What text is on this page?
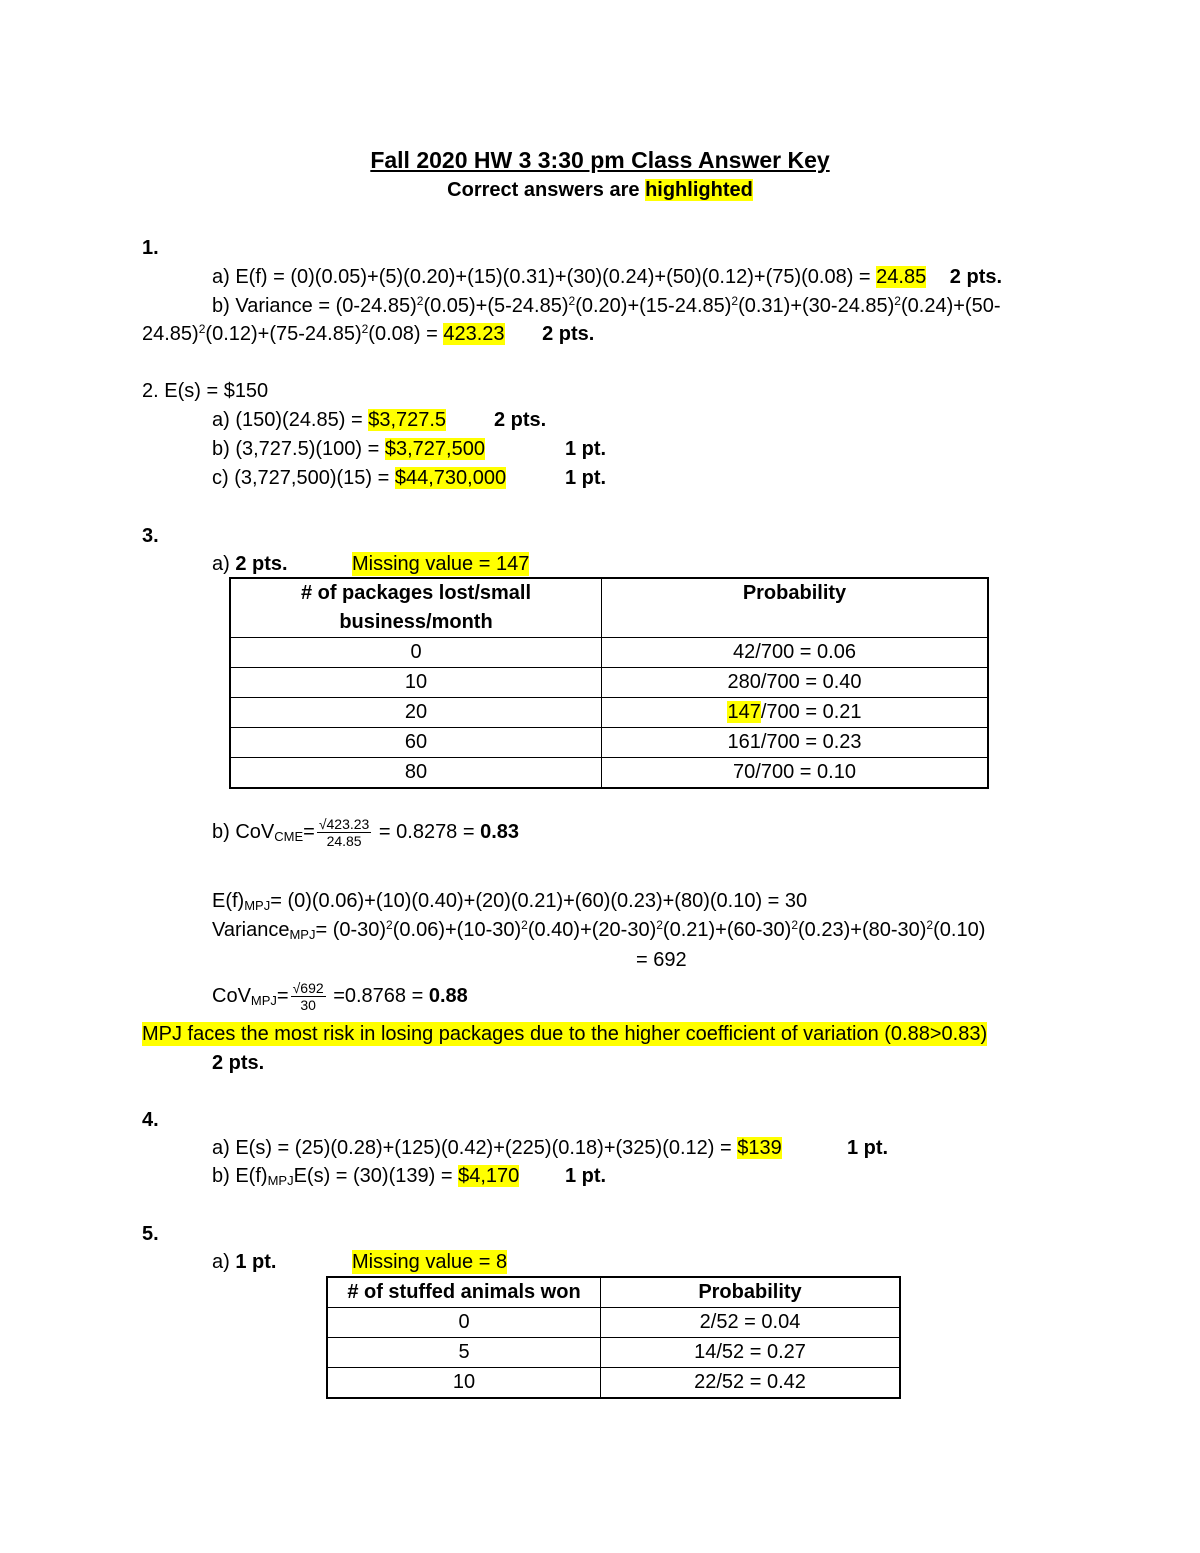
Fall 2020 HW 3 3:30 pm Class Answer Key
Correct answers are highlighted
1.
a) E(f) = (0)(0.05)+(5)(0.20)+(15)(0.31)+(30)(0.24)+(50)(0.12)+(75)(0.08) = 24.85 2 pts.
b) Variance = $(0-24.85)^2(0.05)+(5-24.85)^2(0.20)+(15-24.85)^2(0.31)+(30-24.85)^2(0.24)+(50-$
$24.85)^2(0.12)+(75-24.85)^2(0.08) = 423.23$ 2 pts.
2. E(s) = $150
a) (150)(24.85) = $3,727.5 2 pts.
b) (3,727.5)(100) = $3,727,500	1 pt.
c) (3,727,500)(15) = $44,730,000	1 pt.
3.
a) 2 pts.	Missing value = 147
# of packages lost/small business/month	Probability
0	42/700 = 0.06
10	280/700 = 0.40
20	147/700 = 0.21
60	161/700 = 0.23
80	70/700 = 0.10
b) $CoV_{CME}= \frac{√423.23}{24.85} = 0.8278 = 0.83$
$E(f)_{MPJ}= (0)(0.06)+(10)(0.40)+(20)(0.21)+(60)(0.23)+(80)(0.10) = 30$
Variance$_{MPJ}$= $(0-30)^2(0.06)+(10-30)^2(0.40)+(20-30)^2(0.21)+(60-30)^2(0.23)+(80-30)^2(0.10)$
= 692
$CoV_{MPJ}= \frac{√692}{30} =0.8768 = 0.88$
MPJ faces the most risk in losing packages due to the higher coefficient of variation (0.88>0.83)
2 pts.
4.
a) E(s) = (25)(0.28)+(125)(0.42)+(225)(0.18)+(325)(0.12) = $139	1 pt.
b) $E(f)_{MPJ}E(s) = (30)(139)$ = $4,170 1 pt.
5.
a) 1 pt.	Missing value = 8
# of stuffed animals won	Probability
0	2/52 = 0.04
5	14/52 = 0.27
10	22/52 = 0.42
